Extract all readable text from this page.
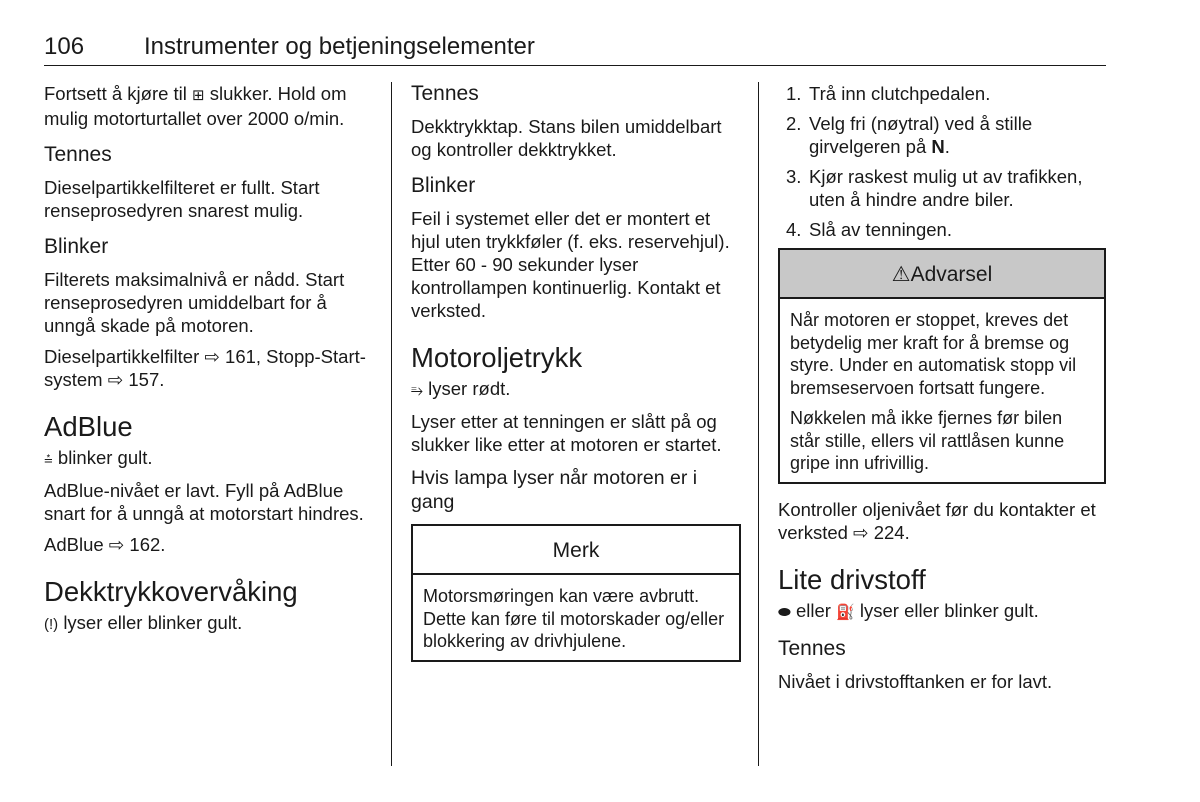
106 Instrumenter og betjeningselementer

Fortsett å kjøre til ⊞ slukker. Hold om mulig motorturtallet over 2000 o/min.

Tennes

Dieselpartikkelfilteret er fullt. Start renseprosedyren snarest mulig.

Blinker

Filterets maksimalnivå er nådd. Start renseprosedyren umiddelbart for å unngå skade på motoren.

Dieselpartikkelfilter ⇨ 161, Stopp-Start-system ⇨ 157.

AdBlue

⩮ blinker gult.

AdBlue-nivået er lavt. Fyll på AdBlue snart for å unngå at motorstart hindres.

AdBlue ⇨ 162.

Dekktrykkovervåking

(!) lyser eller blinker gult.

Tennes

Dekktrykktap. Stans bilen umiddelbart og kontroller dekktrykket.

Blinker

Feil i systemet eller det er montert et hjul uten trykkføler (f. eks. reservehjul). Etter 60 - 90 sekunder lyser kontrollampen kontinuerlig. Kontakt et verksted.

Motoroljetrykk

⥱ lyser rødt.

Lyser etter at tenningen er slått på og slukker like etter at motoren er startet.

Hvis lampa lyser når motoren er i gang
Merk

Motorsmøringen kan være avbrutt. Dette kan føre til motorskader og/eller blokkering av drivhjulene.

1. Trå inn clutchpedalen.
2. Velg fri (nøytral) ved å stille girvelgeren på N.
3. Kjør raskest mulig ut av trafikken, uten å hindre andre biler.
4. Slå av tenningen.
⚠Advarsel

Når motoren er stoppet, kreves det betydelig mer kraft for å bremse og styre. Under en automatisk stopp vil bremseservoen fortsatt fungere.

Nøkkelen må ikke fjernes før bilen står stille, ellers vil rattlåsen kunne gripe inn ufrivillig.

Kontroller oljenivået før du kontakter et verksted ⇨ 224.

Lite drivstoff

⬬ eller ⛽ lyser eller blinker gult.

Tennes

Nivået i drivstofftanken er for lavt.
